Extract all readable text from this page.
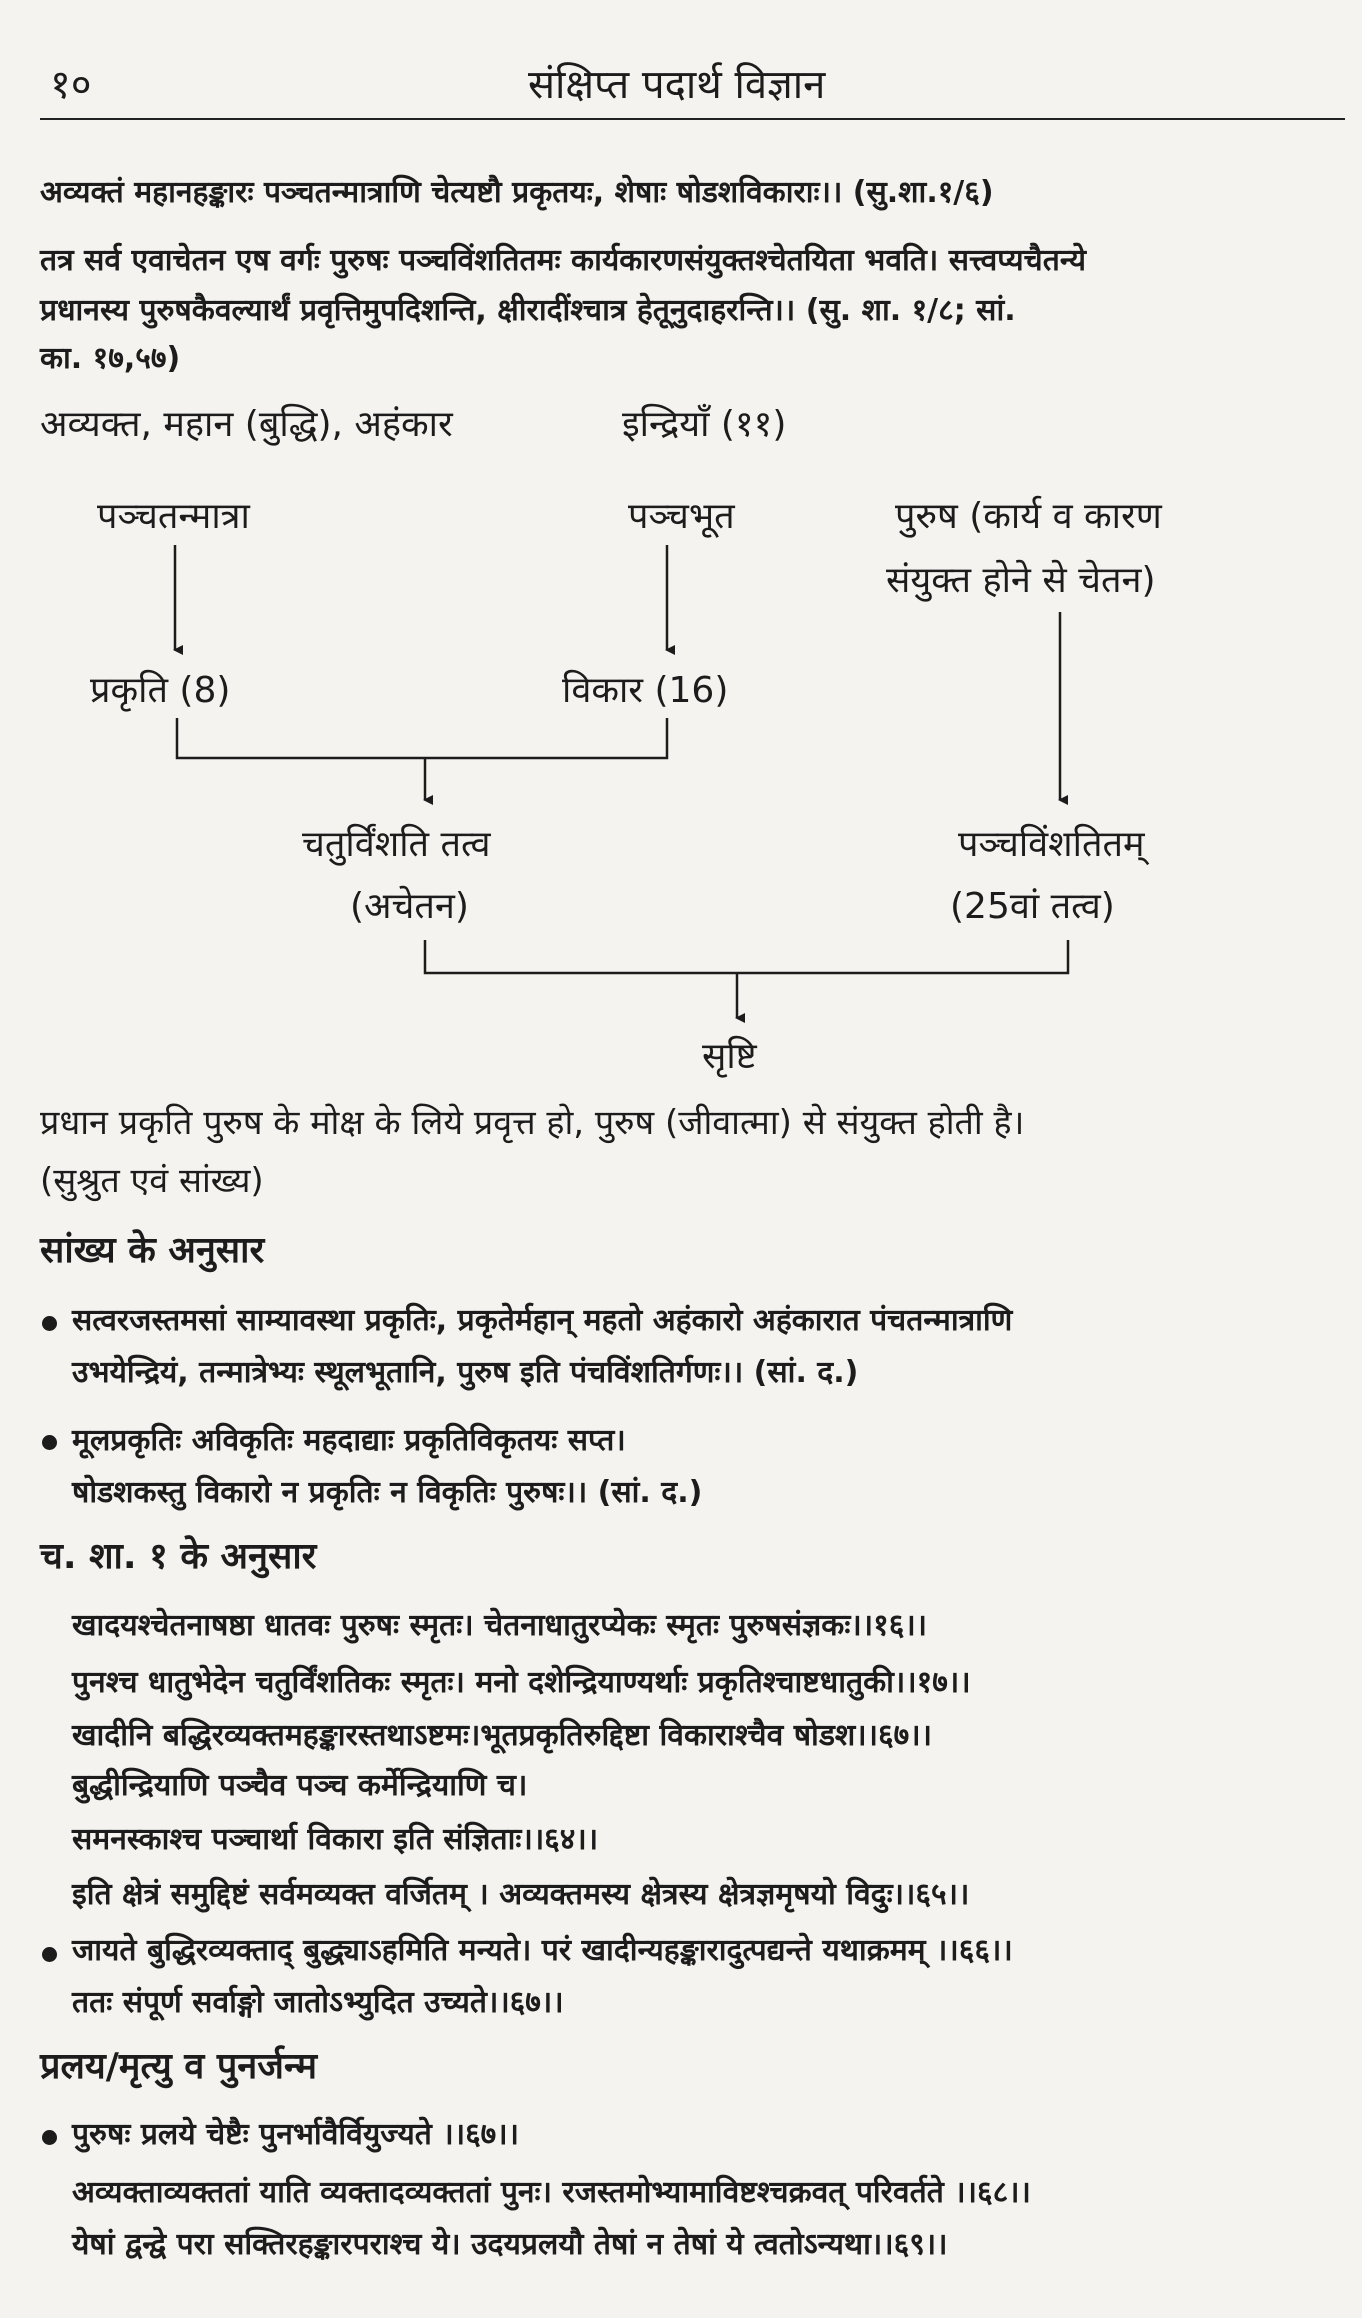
१०	संक्षिप्त पदार्थ विज्ञान
अव्यक्तं महानहङ्कारः पञ्चतन्मात्राणि चेत्यष्टौ प्रकृतयः, शेषाः षोडशविकाराः।। (सु.शा.१/६)
तत्र सर्व एवाचेतन एष वर्गः पुरुषः पञ्चविंशतितमः कार्यकारणसंयुक्तश्चेतयिता भवति। सत्त्वप्यचैतन्ये
प्रधानस्य पुरुषकैवल्यार्थं प्रवृत्तिमुपदिशन्ति, क्षीरादींश्चात्र हेतूनुदाहरन्ति।। (सु. शा. १/८; सां.
का. १७,५७)
अव्यक्त, महान (बुद्धि), अहंकार	इन्द्रियाँ (११)
पञ्चतन्मात्रा	पञ्चभूत	पुरुष (कार्य व कारण
संयुक्त होने से चेतन)
प्रकृति (8)	विकार (16)
चतुर्विंशति तत्व
(अचेतन)
पञ्चविंशतितम्
(25वां तत्व)
सृष्टि
प्रधान प्रकृति पुरुष के मोक्ष के लिये प्रवृत्त हो, पुरुष (जीवात्मा) से संयुक्त होती है।
(सुश्रुत एवं सांख्य)
सांख्य के अनुसार
सत्वरजस्तमसां साम्यावस्था प्रकृतिः, प्रकृतेर्महान् महतो अहंकारो अहंकारात पंचतन्मात्राणि
उभयेन्द्रियं, तन्मात्रेभ्यः स्थूलभूतानि, पुरुष इति पंचविंशतिर्गणः।। (सां. द.)
मूलप्रकृतिः अविकृतिः महदाद्याः प्रकृतिविकृतयः सप्त।
षोडशकस्तु विकारो न प्रकृतिः न विकृतिः पुरुषः।। (सां. द.)
च. शा. १ के अनुसार
खादयश्चेतनाषष्ठा धातवः पुरुषः स्मृतः। चेतनाधातुरप्येकः स्मृतः पुरुषसंज्ञकः।।१६।।
पुनश्च धातुभेदेन चतुर्विंशतिकः स्मृतः। मनो दशेन्द्रियाण्यर्थाः प्रकृतिश्चाष्टधातुकी।।१७।।
खादीनि बद्धिरव्यक्तमहङ्कारस्तथाऽष्टमः।भूतप्रकृतिरुद्दिष्टा विकाराश्चैव षोडश।।६७।।
बुद्धीन्द्रियाणि पञ्चैव पञ्च कर्मेन्द्रियाणि च।
समनस्काश्च पञ्चार्था विकारा इति संज्ञिताः।।६४।।
इति क्षेत्रं समुद्दिष्टं सर्वमव्यक्त वर्जितम् । अव्यक्तमस्य क्षेत्रस्य क्षेत्रज्ञमृषयो विदुः।।६५।।
जायते बुद्धिरव्यक्ताद् बुद्ध्याऽहमिति मन्यते। परं खादीन्यहङ्कारादुत्पद्यन्ते यथाक्रमम् ।।६६।।
ततः संपूर्ण सर्वाङ्गो जातोऽभ्युदित उच्यते।।६७।।
प्रलय/मृत्यु व पुनर्जन्म
पुरुषः प्रलये चेष्टैः पुनर्भावैर्वियुज्यते ।।६७।।
अव्यक्ताव्यक्ततां याति व्यक्तादव्यक्ततां पुनः। रजस्तमोभ्यामाविष्टश्चक्रवत् परिवर्तते ।।६८।।
येषां द्वन्द्वे परा सक्तिरहङ्कारपराश्च ये। उदयप्रलयौ तेषां न तेषां ये त्वतोऽन्यथा।।६९।।
